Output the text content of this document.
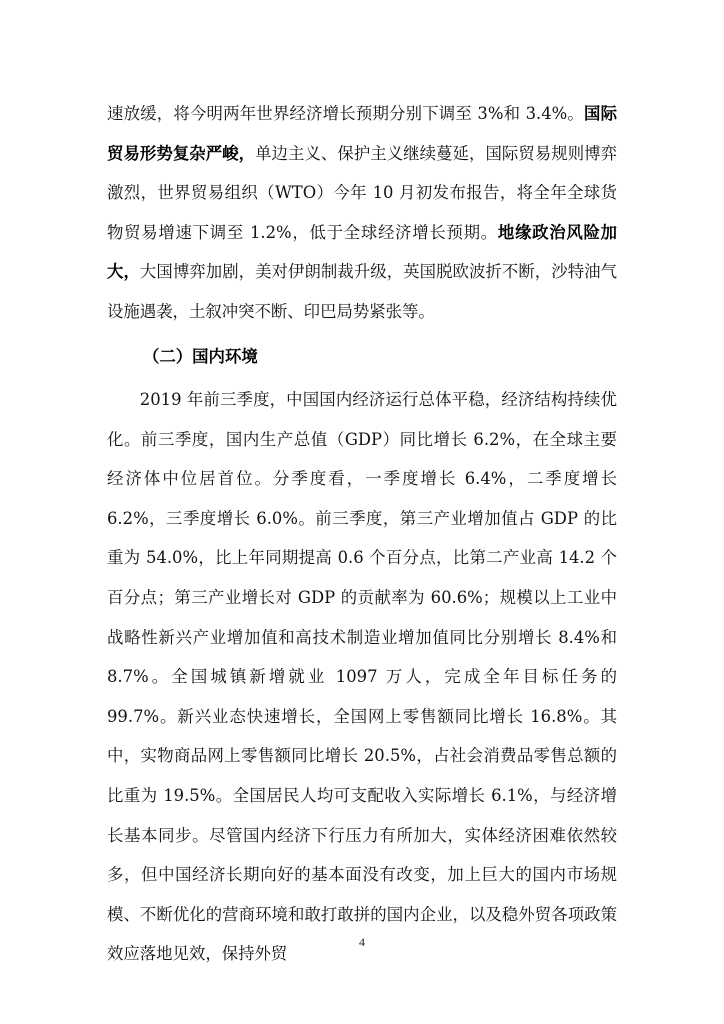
速放缓，将今明两年世界经济增长预期分别下调至 3%和 3.4%。国际贸易形势复杂严峻，单边主义、保护主义继续蔓延，国际贸易规则博弈激烈，世界贸易组织（WTO）今年 10 月初发布报告，将全年全球货物贸易增速下调至 1.2%，低于全球经济增长预期。地缘政治风险加大，大国博弈加剧，美对伊朗制裁升级，英国脱欧波折不断，沙特油气设施遇袭，土叙冲突不断、印巴局势紧张等。

（二）国内环境

2019 年前三季度，中国国内经济运行总体平稳，经济结构持续优化。前三季度，国内生产总值（GDP）同比增长 6.2%，在全球主要经济体中位居首位。分季度看，一季度增长 6.4%，二季度增长 6.2%，三季度增长 6.0%。前三季度，第三产业增加值占 GDP 的比重为 54.0%，比上年同期提高 0.6 个百分点，比第二产业高 14.2 个百分点；第三产业增长对 GDP 的贡献率为 60.6%；规模以上工业中战略性新兴产业增加值和高技术制造业增加值同比分别增长 8.4%和 8.7%。全国城镇新增就业 1097 万人，完成全年目标任务的 99.7%。新兴业态快速增长，全国网上零售额同比增长 16.8%。其中，实物商品网上零售额同比增长 20.5%，占社会消费品零售总额的比重为 19.5%。全国居民人均可支配收入实际增长 6.1%，与经济增长基本同步。尽管国内经济下行压力有所加大，实体经济困难依然较多，但中国经济长期向好的基本面没有改变，加上巨大的国内市场规模、不断优化的营商环境和敢打敢拼的国内企业，以及稳外贸各项政策效应落地见效，保持外贸

4
